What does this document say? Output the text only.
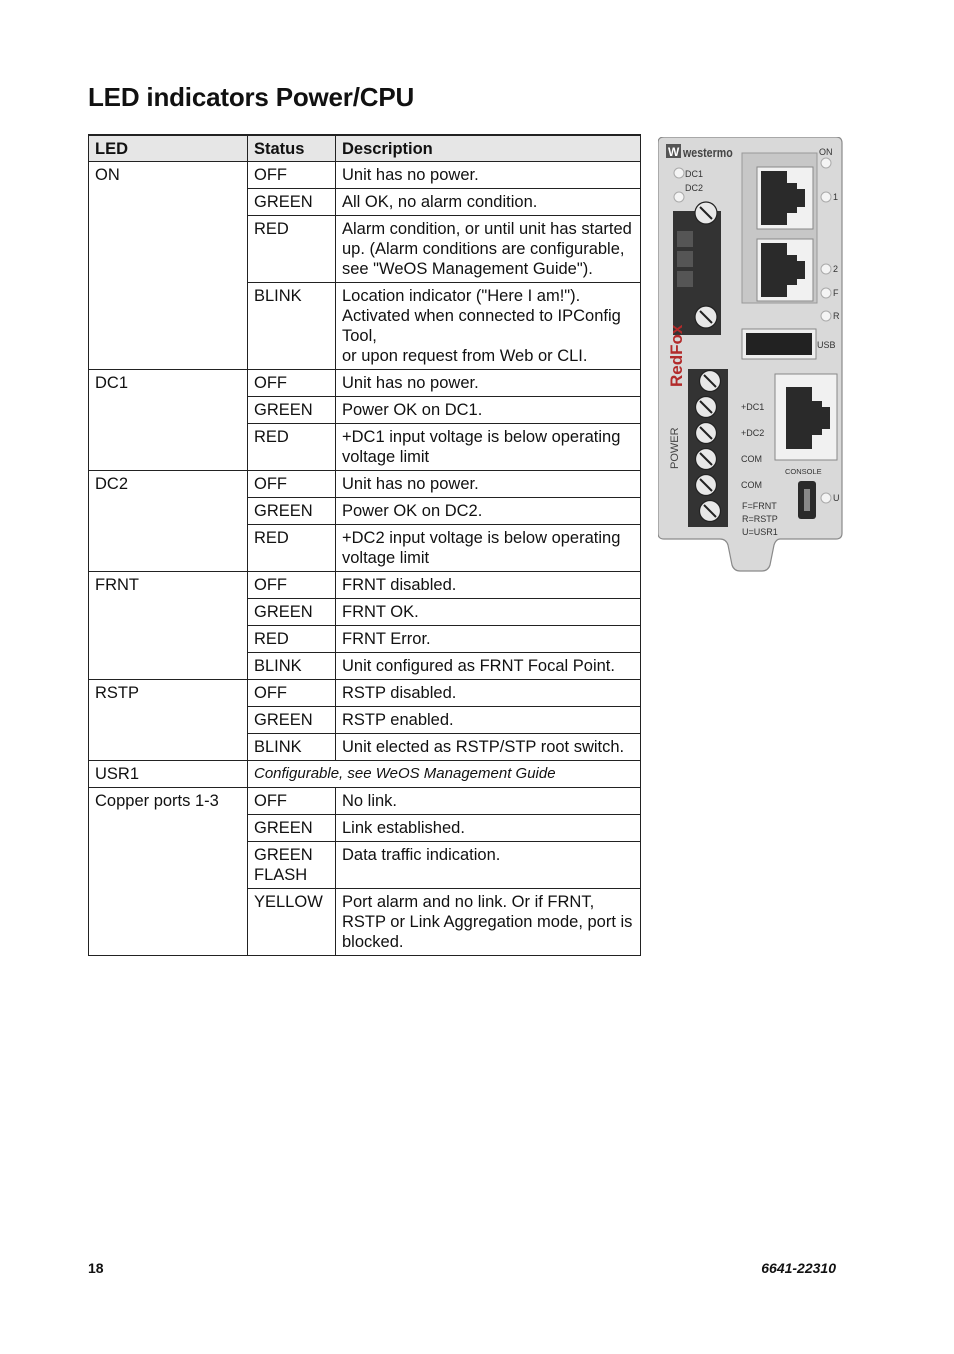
LED indicators Power/CPU
LED	Status	Description
ON	OFF	Unit has no power.

	GREEN	All OK, no alarm condition.

	RED	Alarm condition, or until unit has started up. (Alarm conditions are configurable,
see "WeOS Management Guide").

	BLINK	Location indicator ("Here I am!"). Activated when connected to IPConfig Tool,
or upon request from Web or CLI.

DC1	OFF	Unit has no power.

	GREEN	Power OK on DC1.

	RED	+DC1 input voltage is below operating voltage limit

DC2	OFF	Unit has no power.

	GREEN	Power OK on DC2.

	RED	+DC2 input voltage is below operating voltage limit

FRNT	OFF	FRNT disabled.

	GREEN	FRNT OK.

	RED	FRNT Error.

	BLINK	Unit configured as FRNT Focal Point.

RSTP	OFF	RSTP disabled.

	GREEN	RSTP enabled.

	BLINK	Unit elected as RSTP/STP root switch.

USR1	Configurable, see WeOS Management Guide	
Copper ports 1-3	OFF	No link.

	GREEN	Link established.

	GREEN FLASH	Data traffic indication.

	YELLOW	Port alarm and no link. Or if FRNT, RSTP or Link Aggregation mode, port is blocked.
W westermo
DC1
DC2
ON
1
2
F
R
USB
U
RedFox
POWER
+DC1
+DC2
COM
COM
CONSOLE
F=FRNT
R=RSTP
U=USR1
18	6641-22310
